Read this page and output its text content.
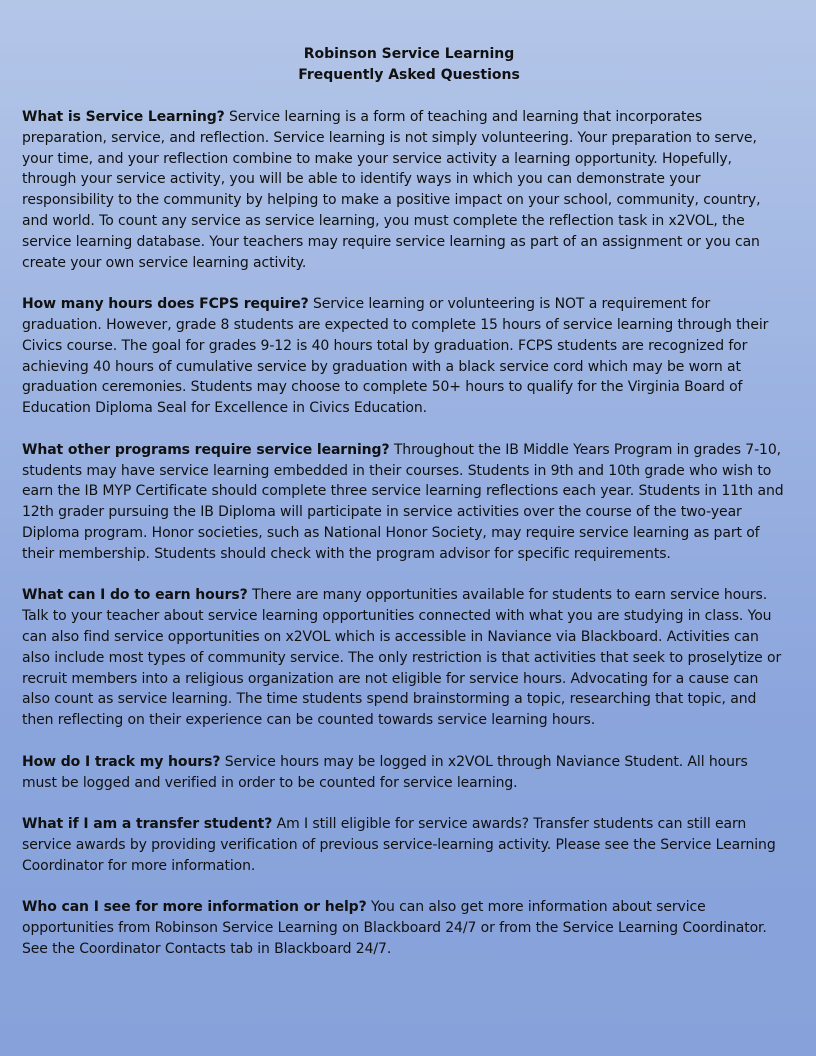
Robinson Service Learning
Frequently Asked Questions

What is Service Learning? Service learning is a form of teaching and learning that incorporates preparation, service, and reflection. Service learning is not simply volunteering. Your preparation to serve, your time, and your reflection combine to make your service activity a learning opportunity. Hopefully, through your service activity, you will be able to identify ways in which you can demonstrate your responsibility to the community by helping to make a positive impact on your school, community, country, and world. To count any service as service learning, you must complete the reflection task in x2VOL, the service learning database. Your teachers may require service learning as part of an assignment or you can create your own service learning activity.

How many hours does FCPS require? Service learning or volunteering is NOT a requirement for graduation. However, grade 8 students are expected to complete 15 hours of service learning through their Civics course. The goal for grades 9-12 is 40 hours total by graduation. FCPS students are recognized for achieving 40 hours of cumulative service by graduation with a black service cord which may be worn at graduation ceremonies. Students may choose to complete 50+ hours to qualify for the Virginia Board of Education Diploma Seal for Excellence in Civics Education.

What other programs require service learning? Throughout the IB Middle Years Program in grades 7-10, students may have service learning embedded in their courses. Students in 9th and 10th grade who wish to earn the IB MYP Certificate should complete three service learning reflections each year. Students in 11th and 12th grader pursuing the IB Diploma will participate in service activities over the course of the two-year Diploma program. Honor societies, such as National Honor Society, may require service learning as part of their membership. Students should check with the program advisor for specific requirements.

What can I do to earn hours? There are many opportunities available for students to earn service hours. Talk to your teacher about service learning opportunities connected with what you are studying in class. You can also find service opportunities on x2VOL which is accessible in Naviance via Blackboard. Activities can also include most types of community service. The only restriction is that activities that seek to proselytize or recruit members into a religious organization are not eligible for service hours. Advocating for a cause can also count as service learning. The time students spend brainstorming a topic, researching that topic, and then reflecting on their experience can be counted towards service learning hours.

How do I track my hours? Service hours may be logged in x2VOL through Naviance Student. All hours must be logged and verified in order to be counted for service learning.

What if I am a transfer student? Am I still eligible for service awards? Transfer students can still earn service awards by providing verification of previous service-learning activity. Please see the Service Learning Coordinator for more information.

Who can I see for more information or help? You can also get more information about service opportunities from Robinson Service Learning on Blackboard 24/7 or from the Service Learning Coordinator. See the Coordinator Contacts tab in Blackboard 24/7.
